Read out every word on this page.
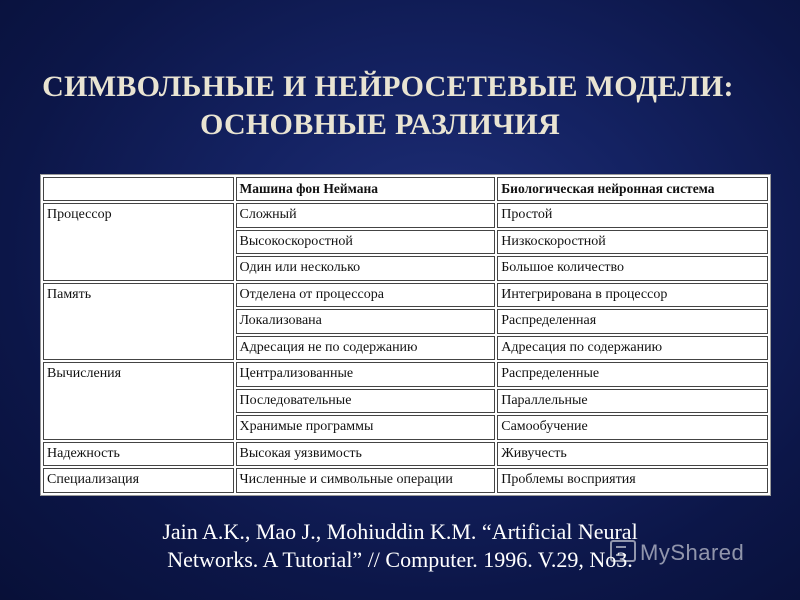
СИМВОЛЬНЫЕ И НЕЙРОСЕТЕВЫЕ МОДЕЛИ:
ОСНОВНЫЕ РАЗЛИЧИЯ
	Машина фон Неймана	Биологическая нейронная система
Процессор	Сложный	Простой
	Высокоскоростной	Низкоскоростной
	Один или несколько	Большое количество
Память	Отделена от процессора	Интегрирована в процессор
	Локализована	Распределенная
	Адресация не по содержанию	Адресация по содержанию
Вычисления	Централизованные	Распределенные
	Последовательные	Параллельные
	Хранимые программы	Самообучение
Надежность	Высокая уязвимость	Живучесть
Специализация	Численные и символьные операции	Проблемы восприятия
Jain A.K., Mao J., Mohiuddin K.M. “Artificial Neural
Networks. A Tutorial” // Computer. 1996. V.29, No3. MyShared
